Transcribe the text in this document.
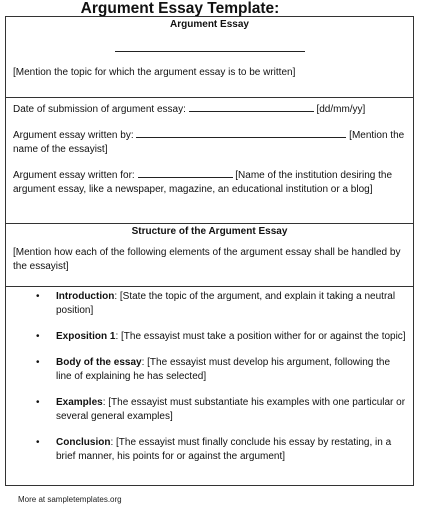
Argument Essay Template:
Argument Essay
[Mention the topic for which the argument essay is to be written]
Date of submission of argument essay:	[dd/mm/yy]
Argument essay written by:	[Mention the name of the essayist]
Argument essay written for:	[Name of the institution desiring the argument essay, like a newspaper, magazine, an educational institution or a blog]
Structure of the Argument Essay
[Mention how each of the following elements of the argument essay shall be handled by the essayist]
• Introduction: [State the topic of the argument, and explain it taking a neutral position]
• Exposition 1: [The essayist must take a position wither for or against the topic]
• Body of the essay: [The essayist must develop his argument, following the line of explaining he has selected]
• Examples: [The essayist must substantiate his examples with one particular or several general examples]
• Conclusion: [The essayist must finally conclude his essay by restating, in a brief manner, his points for or against the argument]
More at sampletemplates.org
